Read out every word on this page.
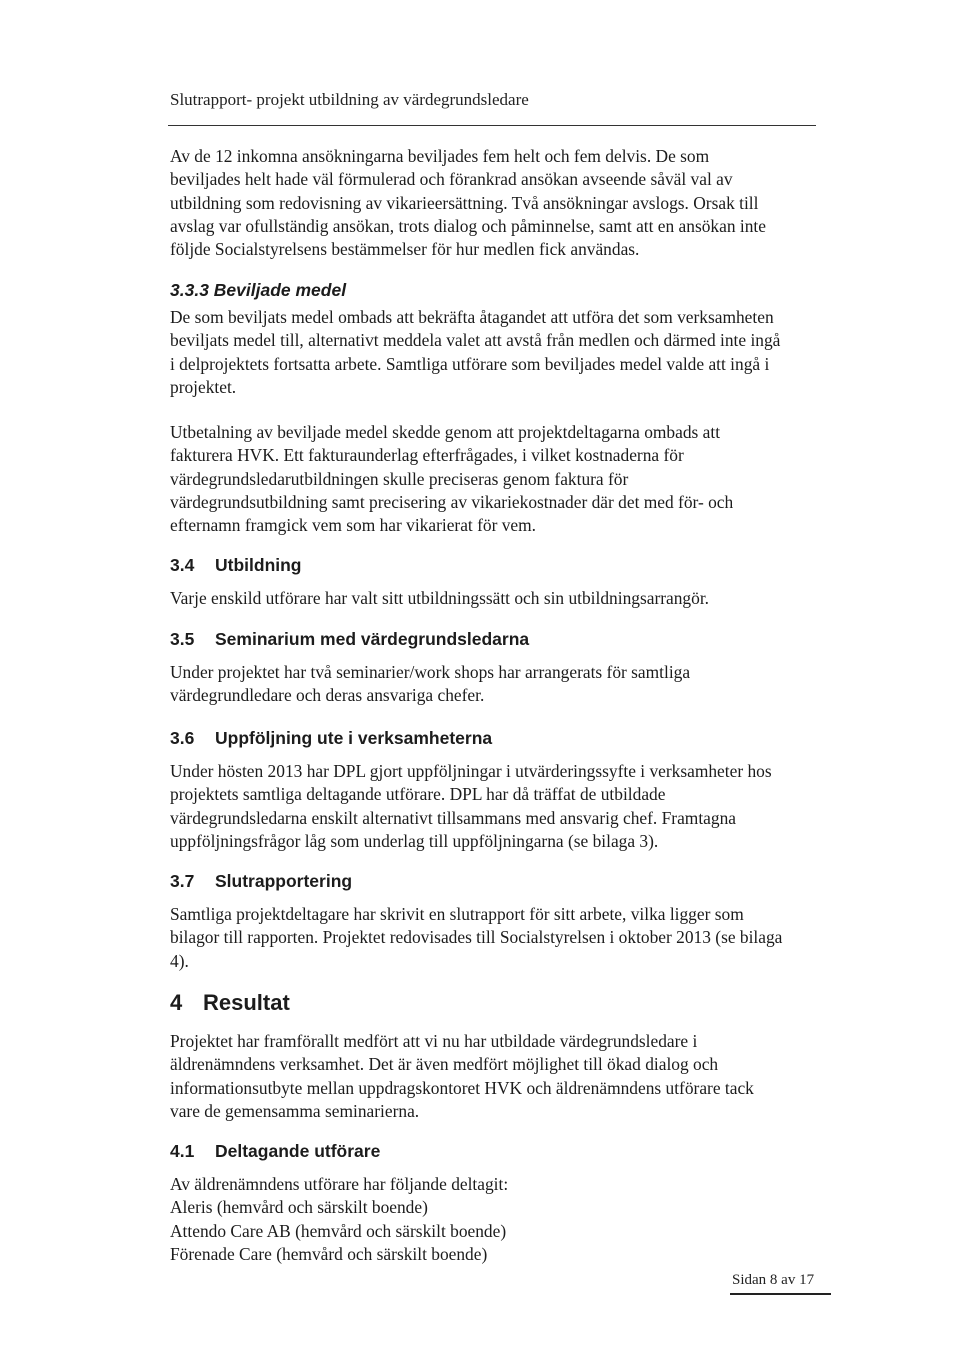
Slutrapport- projekt utbildning av värdegrundsledare

Av de 12 inkomna ansökningarna beviljades fem helt och fem delvis. De som
beviljades helt hade väl förmulerad och förankrad ansökan avseende såväl val av
utbildning som redovisning av vikarieersättning. Två ansökningar avslogs. Orsak till
avslag var ofullständig ansökan, trots dialog och påminnelse, samt att en ansökan inte
följde Socialstyrelsens bestämmelser för hur medlen fick användas.

3.3.3 Beviljade medel

De som beviljats medel ombads att bekräfta åtagandet att utföra det som verksamheten
beviljats medel till, alternativt meddela valet att avstå från medlen och därmed inte ingå
i delprojektets fortsatta arbete. Samtliga utförare som beviljades medel valde att ingå i
projektet.

Utbetalning av beviljade medel skedde genom att projektdeltagarna ombads att
fakturera HVK. Ett fakturaunderlag efterfrågades, i vilket kostnaderna för
värdegrundsledarutbildningen skulle preciseras genom faktura för
värdegrundsutbildning samt precisering av vikariekostnader där det med för- och
efternamn framgick vem som har vikarierat för vem.

3.4 Utbildning

Varje enskild utförare har valt sitt utbildningssätt och sin utbildningsarrangör.

3.5 Seminarium med värdegrundsledarna

Under projektet har två seminarier/work shops har arrangerats för samtliga
värdegrundledare och deras ansvariga chefer.

3.6 Uppföljning ute i verksamheterna

Under hösten 2013 har DPL gjort uppföljningar i utvärderingssyfte i verksamheter hos
projektets samtliga deltagande utförare. DPL har då träffat de utbildade
värdegrundsledarna enskilt alternativt tillsammans med ansvarig chef. Framtagna
uppföljningsfrågor låg som underlag till uppföljningarna (se bilaga 3).

3.7 Slutrapportering

Samtliga projektdeltagare har skrivit en slutrapport för sitt arbete, vilka ligger som
bilagor till rapporten. Projektet redovisades till Socialstyrelsen i oktober 2013 (se bilaga
4).

4 Resultat

Projektet har framförallt medfört att vi nu har utbildade värdegrundsledare i
äldrenämndens verksamhet. Det är även medfört möjlighet till ökad dialog och
informationsutbyte mellan uppdragskontoret HVK och äldrenämndens utförare tack
vare de gemensamma seminarierna.

4.1 Deltagande utförare

Av äldrenämndens utförare har följande deltagit:
Aleris (hemvård och särskilt boende)
Attendo Care AB (hemvård och särskilt boende)
Förenade Care (hemvård och särskilt boende)

Sidan 8 av 17
